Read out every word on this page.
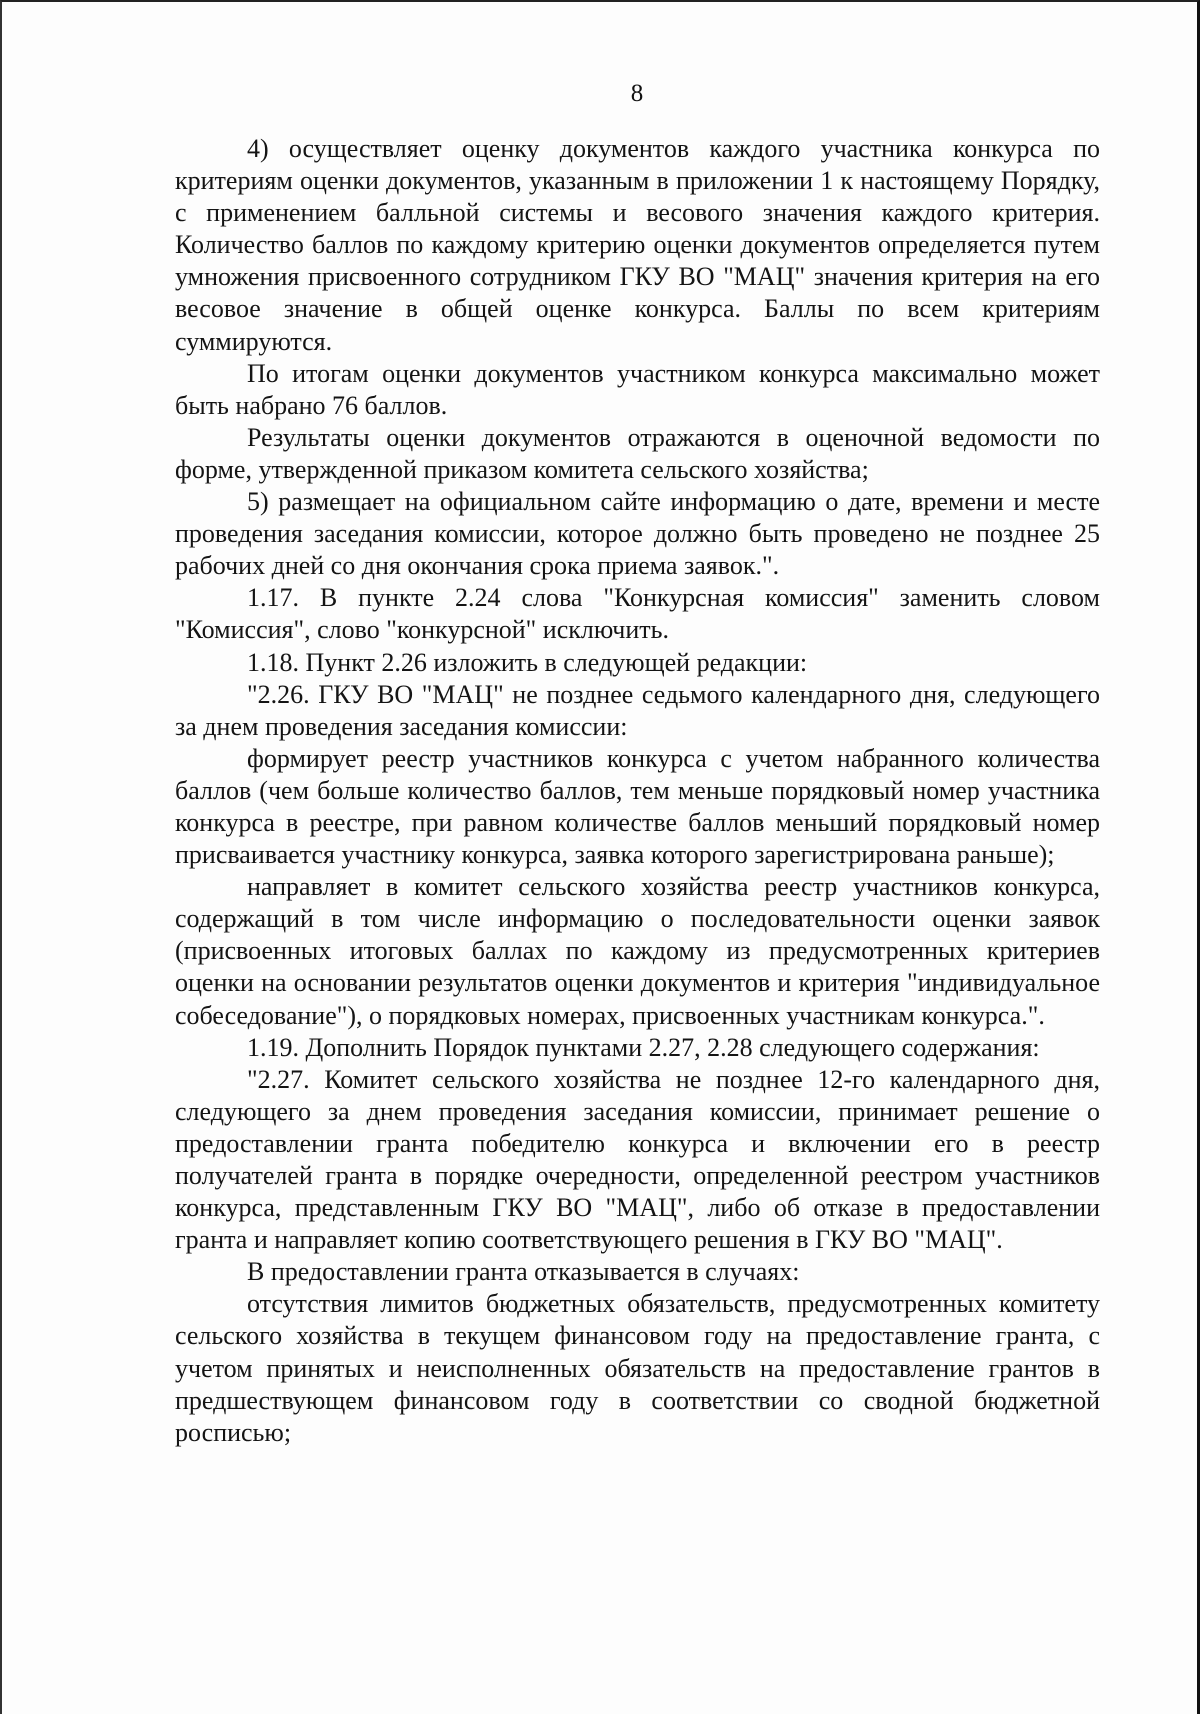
8

4) осуществляет оценку документов каждого участника конкурса по критериям оценки документов, указанным в приложении 1 к настоящему Порядку, с применением балльной системы и весового значения каждого критерия. Количество баллов по каждому критерию оценки документов определяется путем умножения присвоенного сотрудником ГКУ ВО "МАЦ" значения критерия на его весовое значение в общей оценке конкурса. Баллы по всем критериям суммируются.

По итогам оценки документов участником конкурса максимально может быть набрано 76 баллов.

Результаты оценки документов отражаются в оценочной ведомости по форме, утвержденной приказом комитета сельского хозяйства;

5) размещает на официальном сайте информацию о дате, времени и месте проведения заседания комиссии, которое должно быть проведено не позднее 25 рабочих дней со дня окончания срока приема заявок.".

1.17. В пункте 2.24 слова "Конкурсная комиссия" заменить словом "Комиссия", слово "конкурсной" исключить.

1.18. Пункт 2.26 изложить в следующей редакции:

"2.26. ГКУ ВО "МАЦ" не позднее седьмого календарного дня, следующего за днем проведения заседания комиссии:

формирует реестр участников конкурса с учетом набранного количества баллов (чем больше количество баллов, тем меньше порядковый номер участника конкурса в реестре, при равном количестве баллов меньший порядковый номер присваивается участнику конкурса, заявка которого зарегистрирована раньше);

направляет в комитет сельского хозяйства реестр участников конкурса, содержащий в том числе информацию о последовательности оценки заявок (присвоенных итоговых баллах по каждому из предусмотренных критериев оценки на основании результатов оценки документов и критерия "индивидуальное собеседование"), о порядковых номерах, присвоенных участникам конкурса.".

1.19. Дополнить Порядок пунктами 2.27, 2.28 следующего содержания:

"2.27. Комитет сельского хозяйства не позднее 12-го календарного дня, следующего за днем проведения заседания комиссии, принимает решение о предоставлении гранта победителю конкурса и включении его в реестр получателей гранта в порядке очередности, определенной реестром участников конкурса, представленным ГКУ ВО "МАЦ", либо об отказе в предоставлении гранта и направляет копию соответствующего решения в ГКУ ВО "МАЦ".

В предоставлении гранта отказывается в случаях:

отсутствия лимитов бюджетных обязательств, предусмотренных комитету сельского хозяйства в текущем финансовом году на предоставление гранта, с учетом принятых и неисполненных обязательств на предоставление грантов в предшествующем финансовом году в соответствии со сводной бюджетной росписью;
